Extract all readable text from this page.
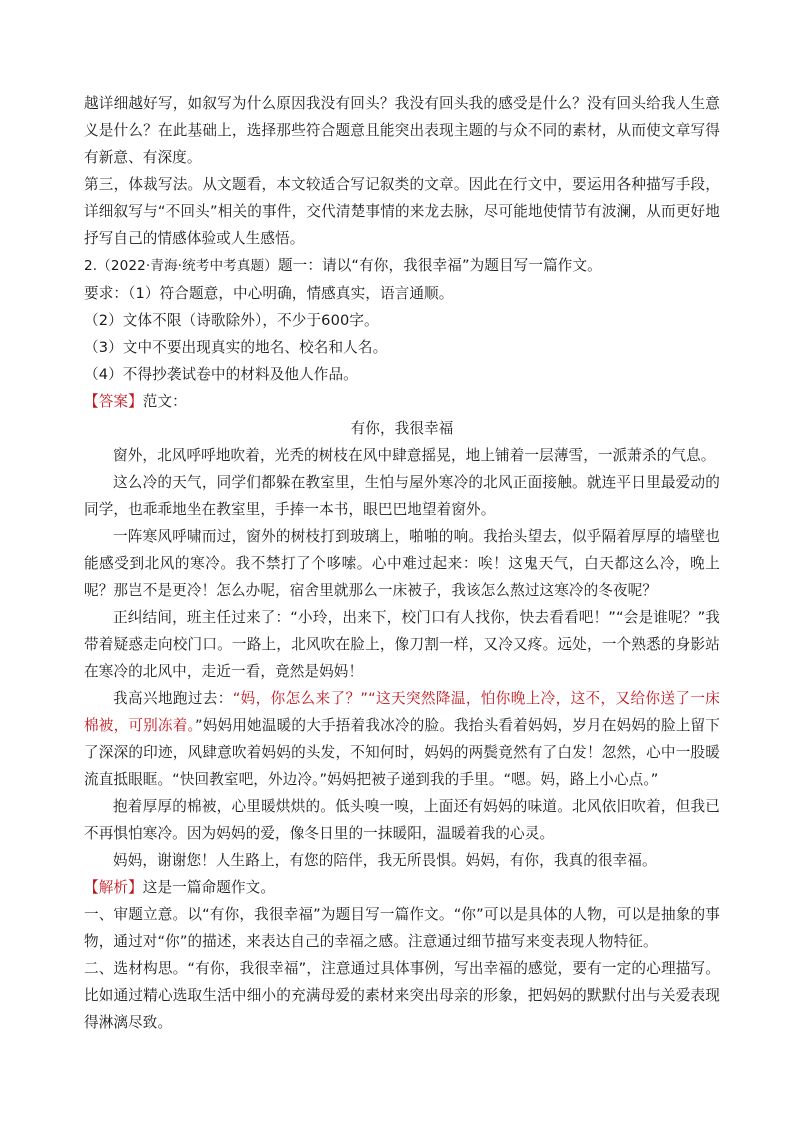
越详细越好写，如叙写为什么原因我没有回头？我没有回头我的感受是什么？没有回头给我人生意义是什么？在此基础上，选择那些符合题意且能突出表现主题的与众不同的素材，从而使文章写得有新意、有深度。

第三，体裁写法。从文题看，本文较适合写记叙类的文章。因此在行文中，要运用各种描写手段，详细叙写与“不回头”相关的事件，交代清楚事情的来龙去脉，尽可能地使情节有波澜，从而更好地抒写自己的情感体验或人生感悟。

2.（2022·青海·统考中考真题）题一：请以“有你，我很幸福”为题目写一篇作文。

要求：（1）符合题意，中心明确，情感真实，语言通顺。

（2）文体不限（诗歌除外），不少于600字。

（3）文中不要出现真实的地名、校名和人名。

（4）不得抄袭试卷中的材料及他人作品。

【答案】范文：

有你，我很幸福

窗外，北风呼呼地吹着，光秃的树枝在风中肆意摇晃，地上铺着一层薄雪，一派萧杀的气息。

这么冷的天气，同学们都躲在教室里，生怕与屋外寒冷的北风正面接触。就连平日里最爱动的同学，也乖乖地坐在教室里，手捧一本书，眼巴巴地望着窗外。

一阵寒风呼啸而过，窗外的树枝打到玻璃上，啪啪的响。我抬头望去，似乎隔着厚厚的墙壁也能感受到北风的寒冷。我不禁打了个哆嗦。心中难过起来：唉！这鬼天气，白天都这么冷，晚上呢？那岂不是更冷！怎么办呢，宿舍里就那么一床被子，我该怎么熬过这寒冷的冬夜呢？

正纠结间，班主任过来了：“小玲，出来下，校门口有人找你，快去看看吧！”“会是谁呢？”我带着疑惑走向校门口。一路上，北风吹在脸上，像刀割一样，又冷又疼。远处，一个熟悉的身影站在寒冷的北风中，走近一看，竟然是妈妈！

我高兴地跑过去：“妈，你怎么来了？”“这天突然降温，怕你晚上冷，这不，又给你送了一床棉被，可别冻着。”妈妈用她温暖的大手捂着我冰冷的脸。我抬头看着妈妈，岁月在妈妈的脸上留下了深深的印迹，风肆意吹着妈妈的头发，不知何时，妈妈的两鬓竟然有了白发！忽然，心中一股暖流直抵眼眶。“快回教室吧，外边冷。”妈妈把被子递到我的手里。“嗯。妈，路上小心点。”

抱着厚厚的棉被，心里暖烘烘的。低头嗅一嗅，上面还有妈妈的味道。北风依旧吹着，但我已不再惧怕寒冷。因为妈妈的爱，像冬日里的一抹暖阳，温暖着我的心灵。

妈妈，谢谢您！人生路上，有您的陪伴，我无所畏惧。妈妈，有你，我真的很幸福。

【解析】这是一篇命题作文。

一、审题立意。以“有你，我很幸福”为题目写一篇作文。“你”可以是具体的人物，可以是抽象的事物，通过对“你”的描述，来表达自己的幸福之感。注意通过细节描写来变表现人物特征。

二、选材构思。“有你，我很幸福”，注意通过具体事例，写出幸福的感觉，要有一定的心理描写。比如通过精心选取生活中细小的充满母爱的素材来突出母亲的形象，把妈妈的默默付出与关爱表现得淋漓尽致。
